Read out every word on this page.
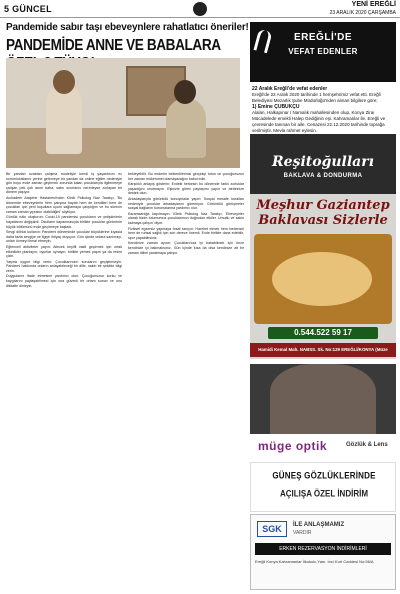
5 GÜNCEL	YENİ EREĞLİ
23 ARALIK 2020 ÇARŞAMBA
Pandemide sabır taşı ebeveynlere rahatlatıcı öneriler!
PANDEMİDE ANNE VE BABALARA

Bir yandan uzaktan çalışma modeliyle kendi iş yaşantısını ev sorumluluklarını yerine getirmeye bir yandan da online eğitim nedeniyle gün boyu evde zaman geçirmek zorunda kalan çocuklarıyla ilgilenmeye çalışan pek çok anne baba, sabrı sınırlarını neredeyse zorlayan bir dönem yaşıyor.

Acıbadem Ataşehir Hastanesi'nden Klinik Psikolog Naz Tarakçı, 'Bu dönemde ebeveynlerin hem çalışma hayatı hem de kendileri hem de çocukları için yeni koşullara uyum sağlamaya çalıştığını ve bu sürecin zaman zaman yıpratıcı olabildiğini' söylüyor.

Günlük rutin oluşturun: Covid-19 pandemisi çocukların ve yetişkinlerin hayatlarını değiştirdi. Okulların kapanmasıyla birlikte çocuklar günlerinin büyük bölümünü evde geçirmeye başladı.

Sevgi dilinizi kullanın: Pandemi döneminde çocuklar büyüklerine kıyasla daha fazla sevgiye ve ilgiye ihtiyaç duyuyor. Gün içinde onlara sarılmayı, onları övmeyi ihmal etmeyin.

Eğlenceli aktiviteler yapın: Ailecek keyifli vakit geçirmek için ortak etkinlikler planlayın; oyunlar oynayın, birlikte yemek yapın ya da resim çizin.

Yaşına uygun bilgi verin: Çocuklarınızın sorularını geçiştirmeyin. Pandemi hakkında onların anlayabileceği bir dille, sakin bir şekilde bilgi verin.

Duygularını ifade etmesine yardımcı olun: Çocuğunuzun korku ve kaygılarını paylaşabilmesi için ona güvenli bir ortam sunun ve onu dikkatle dinleyin.

bekleyebilir. Bu nedenle beklentilerinizi gerçekçi tutun ve çocuğunuzun her zaman mükemmel olamayacağını kabul edin.

Karşılıklı anlayış gösterin: Evdeki herkesin bu dönemde farklı zorluklar yaşadığını unutmayın. Eşinizle görev paylaşımı yapın ve birbirinize destek olun.

Arkadaşlarıyla görüntülü konuşmalar yapın: Sosyal mesafe kuralları nedeniyle çocuklar arkadaşlarını göremiyor. Görüntülü görüşmeler sosyal bağlarını korumalarına yardımcı olur.

Karamsarlığa kapılmayın: Klinik Psikolog Naz Tarakçı, 'Ebeveynler olarak bizim tutumumuz çocuklarımızı doğrudan etkiler. Umutlu ve sakin kalmaya çalışın' diyor.

Fiziksel egzersiz yapmaya fırsat tanıyın: Hareket etmek hem bedensel hem de ruhsal sağlık için son derece önemli. Evde birlikte dans edebilir, spor yapabilirsiniz.

Kendinize zaman ayırın: Çocuklarınıza iyi bakabilmek için önce kendinize iyi bakmalısınız. Gün içinde kısa da olsa kendinize ait bir zaman dilimi yaratmaya çalışın.

EREĞLİ'DE
VEFAT EDENLER
22 Aralık Ereğli'de vefat edenler
Ereğli'de 22 Aralık 2020 tarihinde 1 hemşehrimiz vefat etti. Ereğli Belediyesi Mezarlık Şube Müdürlüğü'nden alınan bilgilere göre;
1) Emine ÇUBUKÇU
Alalan, Halkapınar / Namalık mahallesinden olup, Konya Zirai Mücadelede emekli Halep Gediğinin eşi. Kahramanlar ile. Ereğli ve çevresinde tanınan bir aile. Cenazesi 22.12.2020 tarihinde toprağa verilmiştir. Mevla rahmet eylesin.
Reşitoğulları
BAKLAVA & DONDURMA
Meşhur Gaziantep Baklavası Sizlerle
0.544.522 59 17
Hamidi Kemal Mah. NABSS. Sk. No:129 EREĞLİ/KONYA (Müze
müge optik	Gözlük & Lens
GÜNEŞ GÖZLÜKLERİNDE
AÇILIŞA ÖZEL İNDİRİM
SGK	İLE ANLAŞMAMIZ
VARDIR
ERKEN REZERVASYON İNDİRİMLERİ
Ereğli Konya Kahramanlar İlkokulu Yanı. İnci Kurt Caddesi No:56/A
